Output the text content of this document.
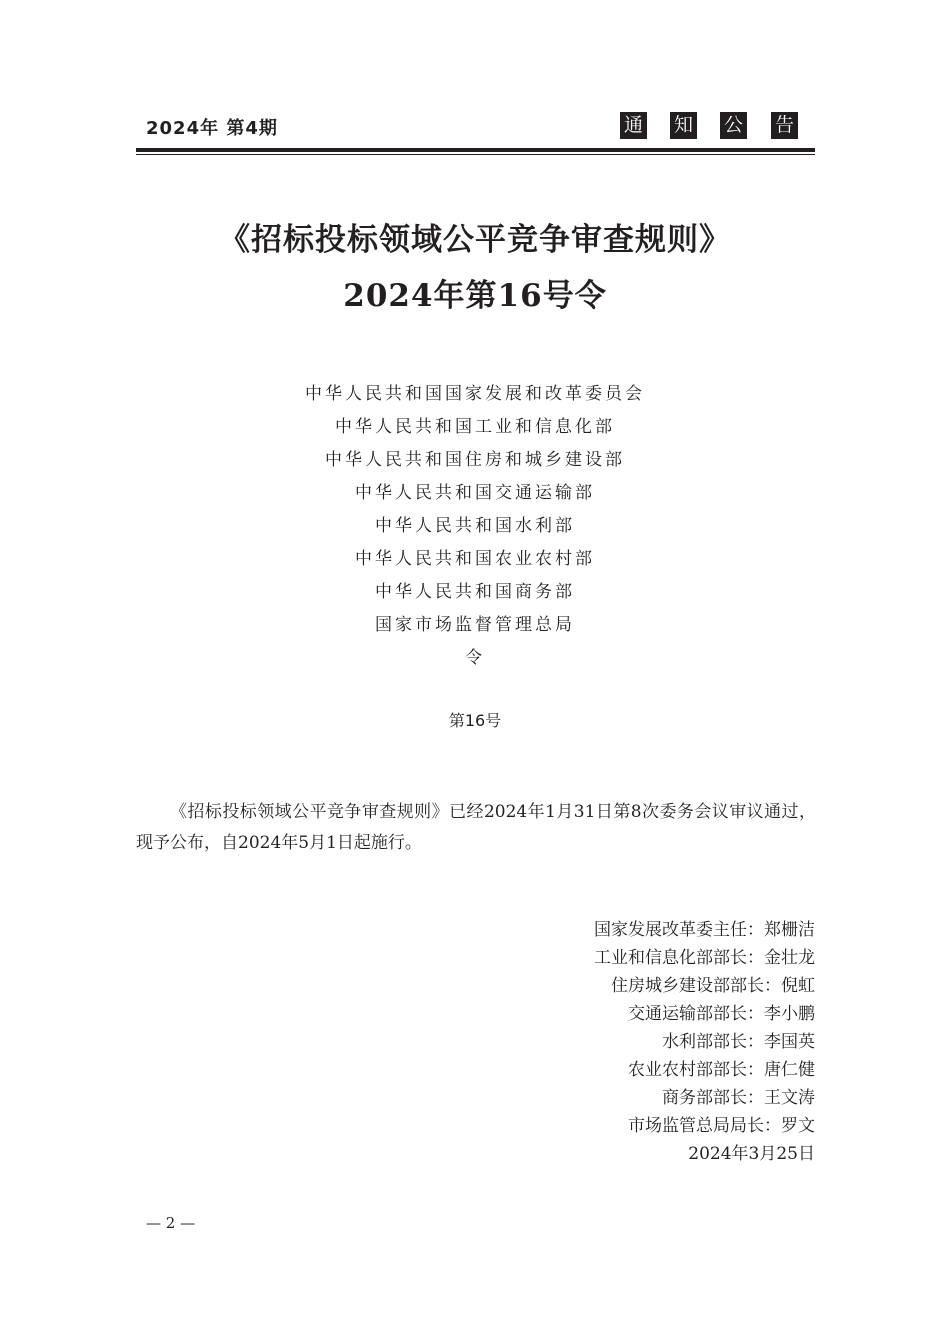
2024年 第4期	通 知 公 告
《招标投标领域公平竞争审查规则》
2024年第16号令
中华人民共和国国家发展和改革委员会
中华人民共和国工业和信息化部
中华人民共和国住房和城乡建设部
中华人民共和国交通运输部
中华人民共和国水利部
中华人民共和国农业农村部
中华人民共和国商务部
国家市场监督管理总局
令
第16号
《招标投标领域公平竞争审查规则》已经2024年1月31日第8次委务会议审议通过，现予公布，自2024年5月1日起施行。
国家发展改革委主任：郑栅洁
工业和信息化部部长：金壮龙
住房城乡建设部部长：倪虹
交通运输部部长：李小鹏
水利部部长：李国英
农业农村部部长：唐仁健
商务部部长：王文涛
市场监管总局局长：罗文
2024年3月25日
— 2 —
